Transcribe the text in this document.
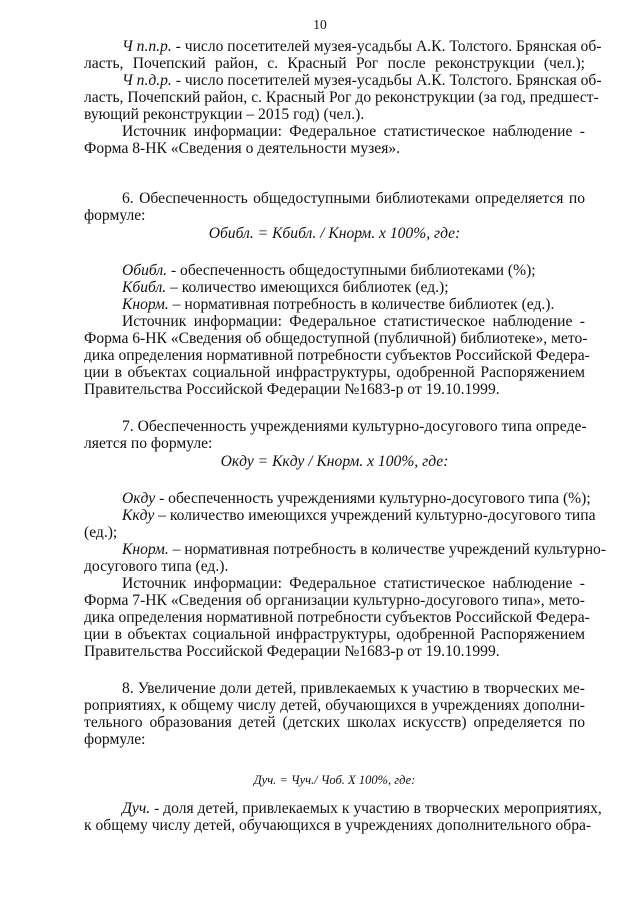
10
Ч п.п.р. - число посетителей музея-усадьбы А.К. Толстого. Брянская об-
ласть, Почепский район, с. Красный Рог после реконструкции (чел.);
Ч п.д.р. - число посетителей музея-усадьбы А.К. Толстого. Брянская об-
ласть, Почепский район, с. Красный Рог до реконструкции (за год, предшест-
вующий реконструкции – 2015 год) (чел.).
Источник информации: Федеральное статистическое наблюдение -
Форма 8-НК «Сведения о деятельности музея».
6. Обеспеченность общедоступными библиотеками определяется по
формуле:
Обибл. = Кбибл. / Кнорм. х 100%, где:
Обибл. - обеспеченность общедоступными библиотеками (%);
Кбибл. – количество имеющихся библиотек (ед.);
Кнорм. – нормативная потребность в количестве библиотек (ед.).
Источник информации: Федеральное статистическое наблюдение -
Форма 6-НК «Сведения об общедоступной (публичной) библиотеке», мето-
дика определения нормативной потребности субъектов Российской Федера-
ции в объектах социальной инфраструктуры, одобренной Распоряжением
Правительства Российской Федерации №1683-р от 19.10.1999.
7. Обеспеченность учреждениями культурно-досугового типа опреде-
ляется по формуле:
Окду = Ккду / Кнорм. х 100%, где:
Окду - обеспеченность учреждениями культурно-досугового типа (%);
Ккду – количество имеющихся учреждений культурно-досугового типа
(ед.);
Кнорм. – нормативная потребность в количестве учреждений культурно-
досугового типа (ед.).
Источник информации: Федеральное статистическое наблюдение -
Форма 7-НК «Сведения об организации культурно-досугового типа», мето-
дика определения нормативной потребности субъектов Российской Федера-
ции в объектах социальной инфраструктуры, одобренной Распоряжением
Правительства Российской Федерации №1683-р от 19.10.1999.
8. Увеличение доли детей, привлекаемых к участию в творческих ме-
роприятиях, к общему числу детей, обучающихся в учреждениях дополни-
тельного образования детей (детских школах искусств) определяется по
формуле:
Дуч. = Чуч./ Чоб. Х 100%, где:
Дуч. - доля детей, привлекаемых к участию в творческих мероприятиях,
к общему числу детей, обучающихся в учреждениях дополнительного обра-
